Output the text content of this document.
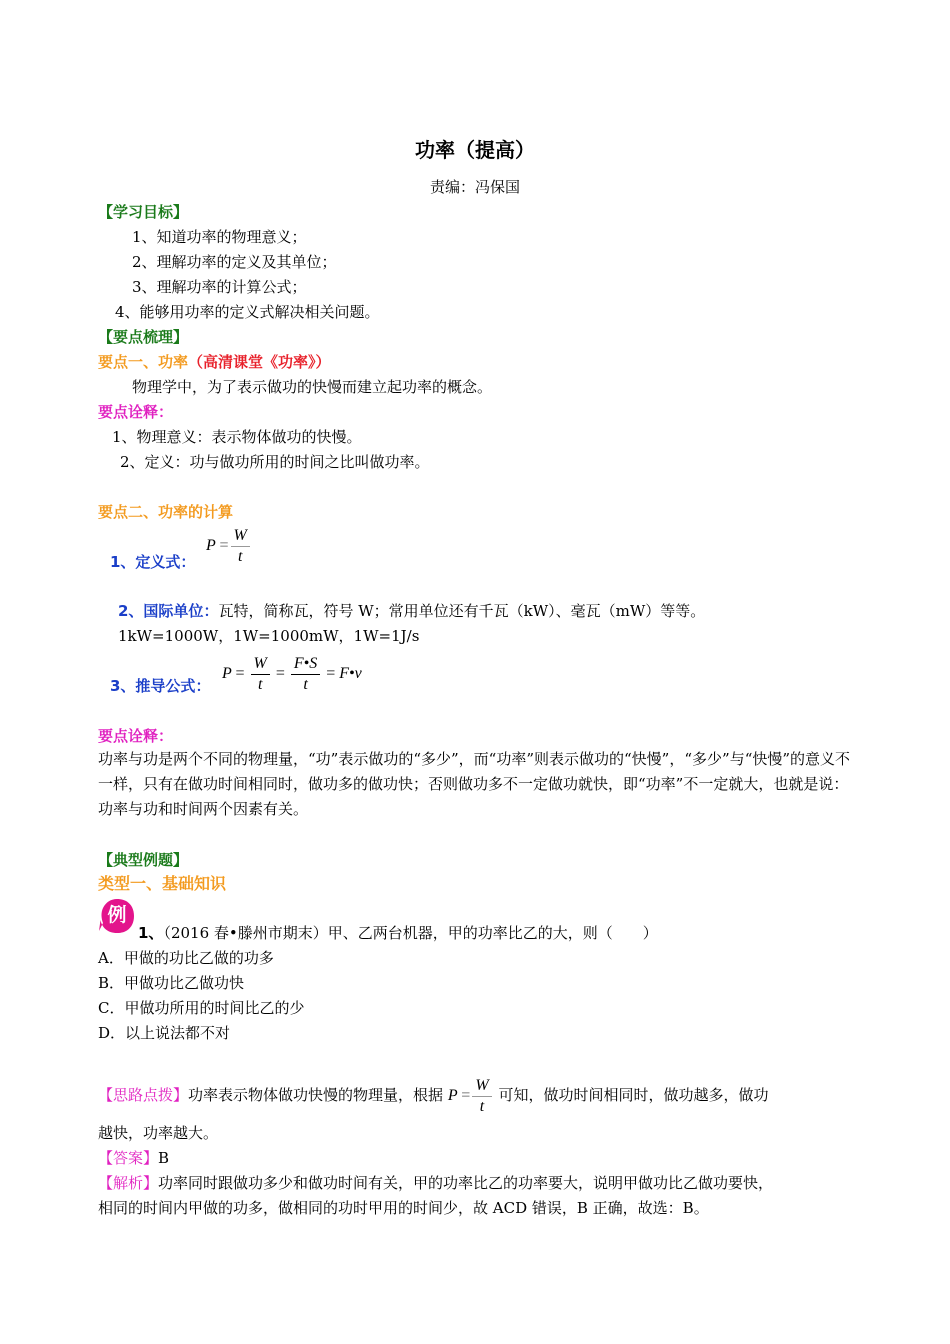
功率（提高）
责编：冯保国
【学习目标】
1、知道功率的物理意义；
2、理解功率的定义及其单位；
3、理解功率的计算公式；
4、能够用功率的定义式解决相关问题。
【要点梳理】
要点一、功率（高清课堂《功率》）
物理学中，为了表示做功的快慢而建立起功率的概念。
要点诠释：
1、物理意义：表示物体做功的快慢。
2、定义：功与做功所用的时间之比叫做功率。
要点二、功率的计算
1、定义式：
$P = \frac{W}{t}$
2、国际单位：瓦特，简称瓦，符号 W；常用单位还有千瓦（kW）、毫瓦（mW）等等。
1kW=1000W，1W=1000mW，1W=1J/s
3、推导公式：
$P = \frac{W}{t} = \frac{F•S}{t}$ = F•v
要点诠释：
功率与功是两个不同的物理量，“功”表示做功的“多少”，而“功率”则表示做功的“快慢”，“多少”与“快慢”的意义不一样，只有在做功时间相同时，做功多的做功快；否则做功多不一定做功就快，即“功率”不一定就大，也就是说：功率与功和时间两个因素有关。
【典型例题】
类型一、基础知识
例
1、（2016 春•滕州市期末）甲、乙两台机器，甲的功率比乙的大，则（　　）
A．甲做的功比乙做的功多
B．甲做功比乙做功快
C．甲做功所用的时间比乙的少
D．以上说法都不对
【思路点拨】功率表示物体做功快慢的物理量，根据 $P = \frac{W}{t}$ 可知，做功时间相同时，做功越多，做功
越快，功率越大。
【答案】B
【解析】功率同时跟做功多少和做功时间有关，甲的功率比乙的功率要大，说明甲做功比乙做功要快，
相同的时间内甲做的功多，做相同的功时甲用的时间少，故 ACD 错误，B 正确，故选：B。
